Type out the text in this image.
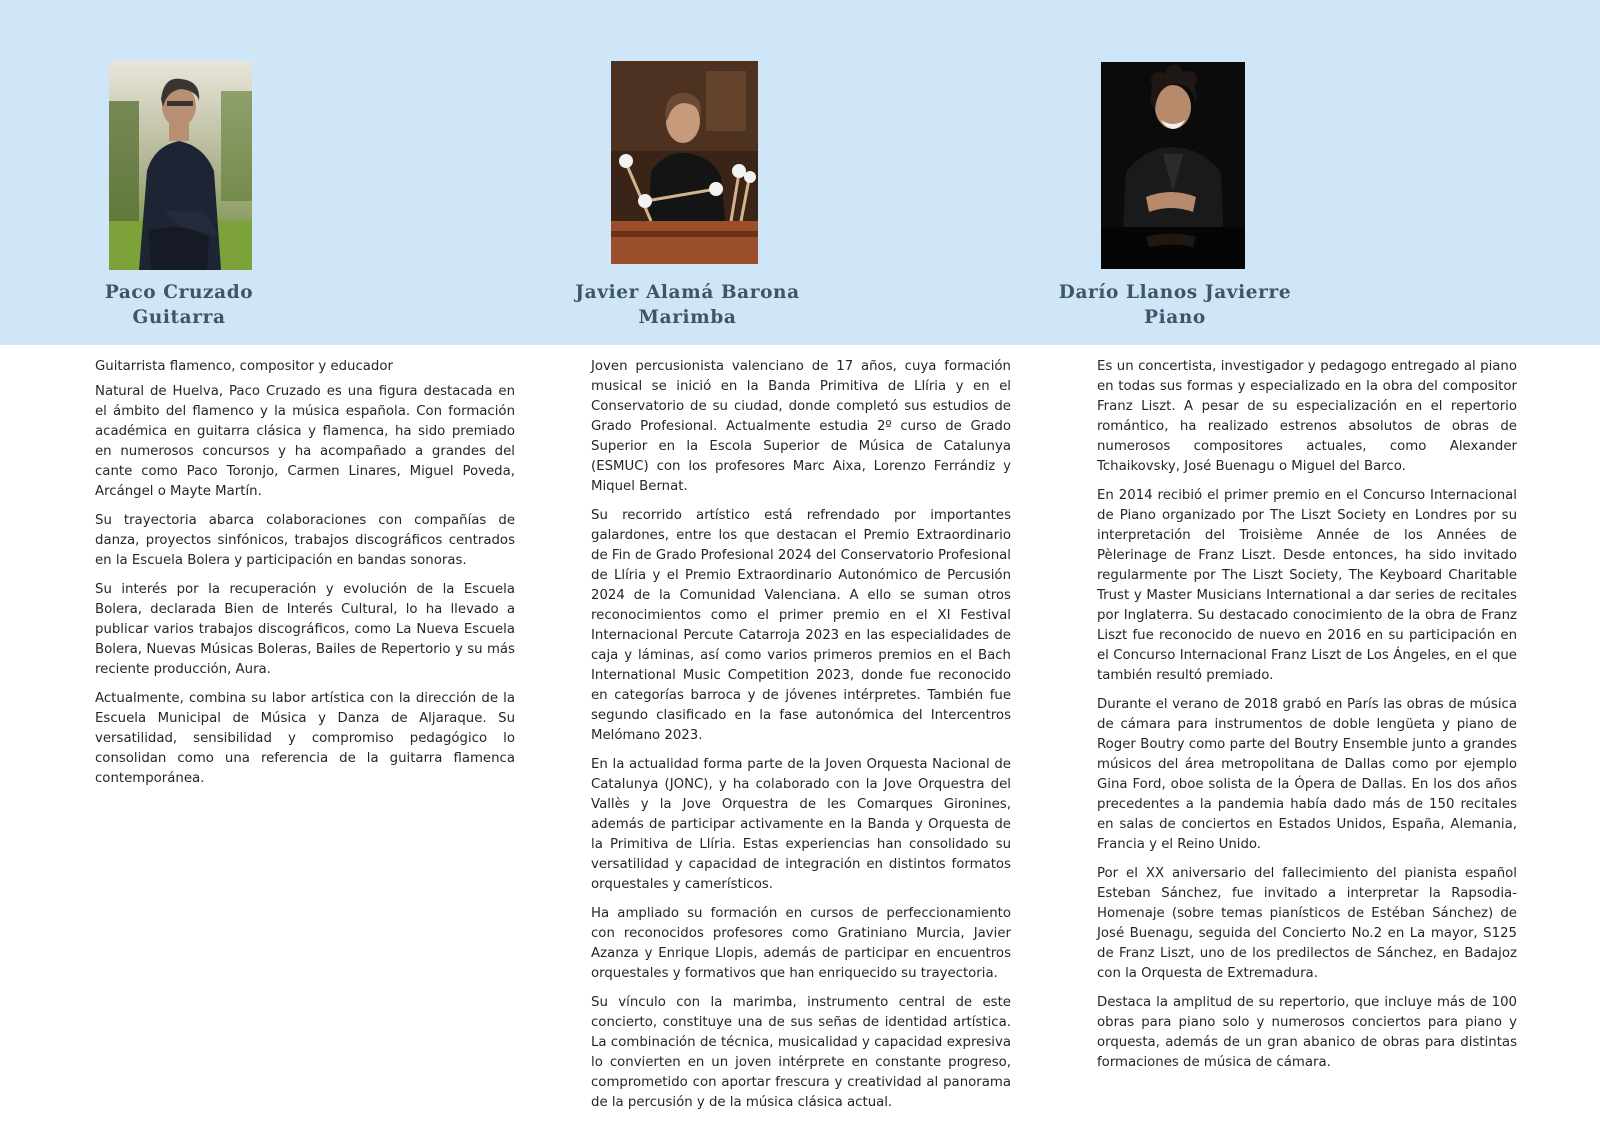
Paco Cruzado
Guitarra
Javier Alamá Barona
Marimba
Darío Llanos Javierre
Piano

Guitarrista flamenco, compositor y educador

Natural de Huelva, Paco Cruzado es una figura destacada en el ámbito del flamenco y la música española. Con formación académica en guitarra clásica y flamenca, ha sido premiado en numerosos concursos y ha acompañado a grandes del cante como Paco Toronjo, Carmen Linares, Miguel Poveda, Arcángel o Mayte Martín.

Su trayectoria abarca colaboraciones con compañías de danza, proyectos sinfónicos, trabajos discográficos centrados en la Escuela Bolera y participación en bandas sonoras.

Su interés por la recuperación y evolución de la Escuela Bolera, declarada Bien de Interés Cultural, lo ha llevado a publicar varios trabajos discográficos, como La Nueva Escuela Bolera, Nuevas Músicas Boleras, Bailes de Repertorio y su más reciente producción, Aura.

Actualmente, combina su labor artística con la dirección de la Escuela Municipal de Música y Danza de Aljaraque. Su versatilidad, sensibilidad y compromiso pedagógico lo consolidan como una referencia de la guitarra flamenca contemporánea.

Joven percusionista valenciano de 17 años, cuya formación musical se inició en la Banda Primitiva de Llíria y en el Conservatorio de su ciudad, donde completó sus estudios de Grado Profesional. Actualmente estudia 2º curso de Grado Superior en la Escola Superior de Música de Catalunya (ESMUC) con los profesores Marc Aixa, Lorenzo Ferrándiz y Miquel Bernat.

Su recorrido artístico está refrendado por importantes galardones, entre los que destacan el Premio Extraordinario de Fin de Grado Profesional 2024 del Conservatorio Profesional de Llíria y el Premio Extraordinario Autonómico de Percusión 2024 de la Comunidad Valenciana. A ello se suman otros reconocimientos como el primer premio en el XI Festival Internacional Percute Catarroja 2023 en las especialidades de caja y láminas, así como varios primeros premios en el Bach International Music Competition 2023, donde fue reconocido en categorías barroca y de jóvenes intérpretes. También fue segundo clasificado en la fase autonómica del Intercentros Melómano 2023.

En la actualidad forma parte de la Joven Orquesta Nacional de Catalunya (JONC), y ha colaborado con la Jove Orquestra del Vallès y la Jove Orquestra de les Comarques Gironines, además de participar activamente en la Banda y Orquesta de la Primitiva de Llíria. Estas experiencias han consolidado su versatilidad y capacidad de integración en distintos formatos orquestales y camerísticos.

Ha ampliado su formación en cursos de perfeccionamiento con reconocidos profesores como Gratiniano Murcia, Javier Azanza y Enrique Llopis, además de participar en encuentros orquestales y formativos que han enriquecido su trayectoria.

Su vínculo con la marimba, instrumento central de este concierto, constituye una de sus señas de identidad artística. La combinación de técnica, musicalidad y capacidad expresiva lo convierten en un joven intérprete en constante progreso, comprometido con aportar frescura y creatividad al panorama de la percusión y de la música clásica actual.

Es un concertista, investigador y pedagogo entregado al piano en todas sus formas y especializado en la obra del compositor Franz Liszt. A pesar de su especialización en el repertorio romántico, ha realizado estrenos absolutos de obras de numerosos compositores actuales, como Alexander Tchaikovsky, José Buenagu o Miguel del Barco.

En 2014 recibió el primer premio en el Concurso Internacional de Piano organizado por The Liszt Society en Londres por su interpretación del Troisième Année de los Années de Pèlerinage de Franz Liszt. Desde entonces, ha sido invitado regularmente por The Liszt Society, The Keyboard Charitable Trust y Master Musicians International a dar series de recitales por Inglaterra. Su destacado conocimiento de la obra de Franz Liszt fue reconocido de nuevo en 2016 en su participación en el Concurso Internacional Franz Liszt de Los Ángeles, en el que también resultó premiado.

Durante el verano de 2018 grabó en París las obras de música de cámara para instrumentos de doble lengüeta y piano de Roger Boutry como parte del Boutry Ensemble junto a grandes músicos del área metropolitana de Dallas como por ejemplo Gina Ford, oboe solista de la Ópera de Dallas. En los dos años precedentes a la pandemia había dado más de 150 recitales en salas de conciertos en Estados Unidos, España, Alemania, Francia y el Reino Unido.

Por el XX aniversario del fallecimiento del pianista español Esteban Sánchez, fue invitado a interpretar la Rapsodia-Homenaje (sobre temas pianísticos de Estéban Sánchez) de José Buenagu, seguida del Concierto No.2 en La mayor, S125 de Franz Liszt, uno de los predilectos de Sánchez, en Badajoz con la Orquesta de Extremadura.

Destaca la amplitud de su repertorio, que incluye más de 100 obras para piano solo y numerosos conciertos para piano y orquesta, además de un gran abanico de obras para distintas formaciones de música de cámara.
